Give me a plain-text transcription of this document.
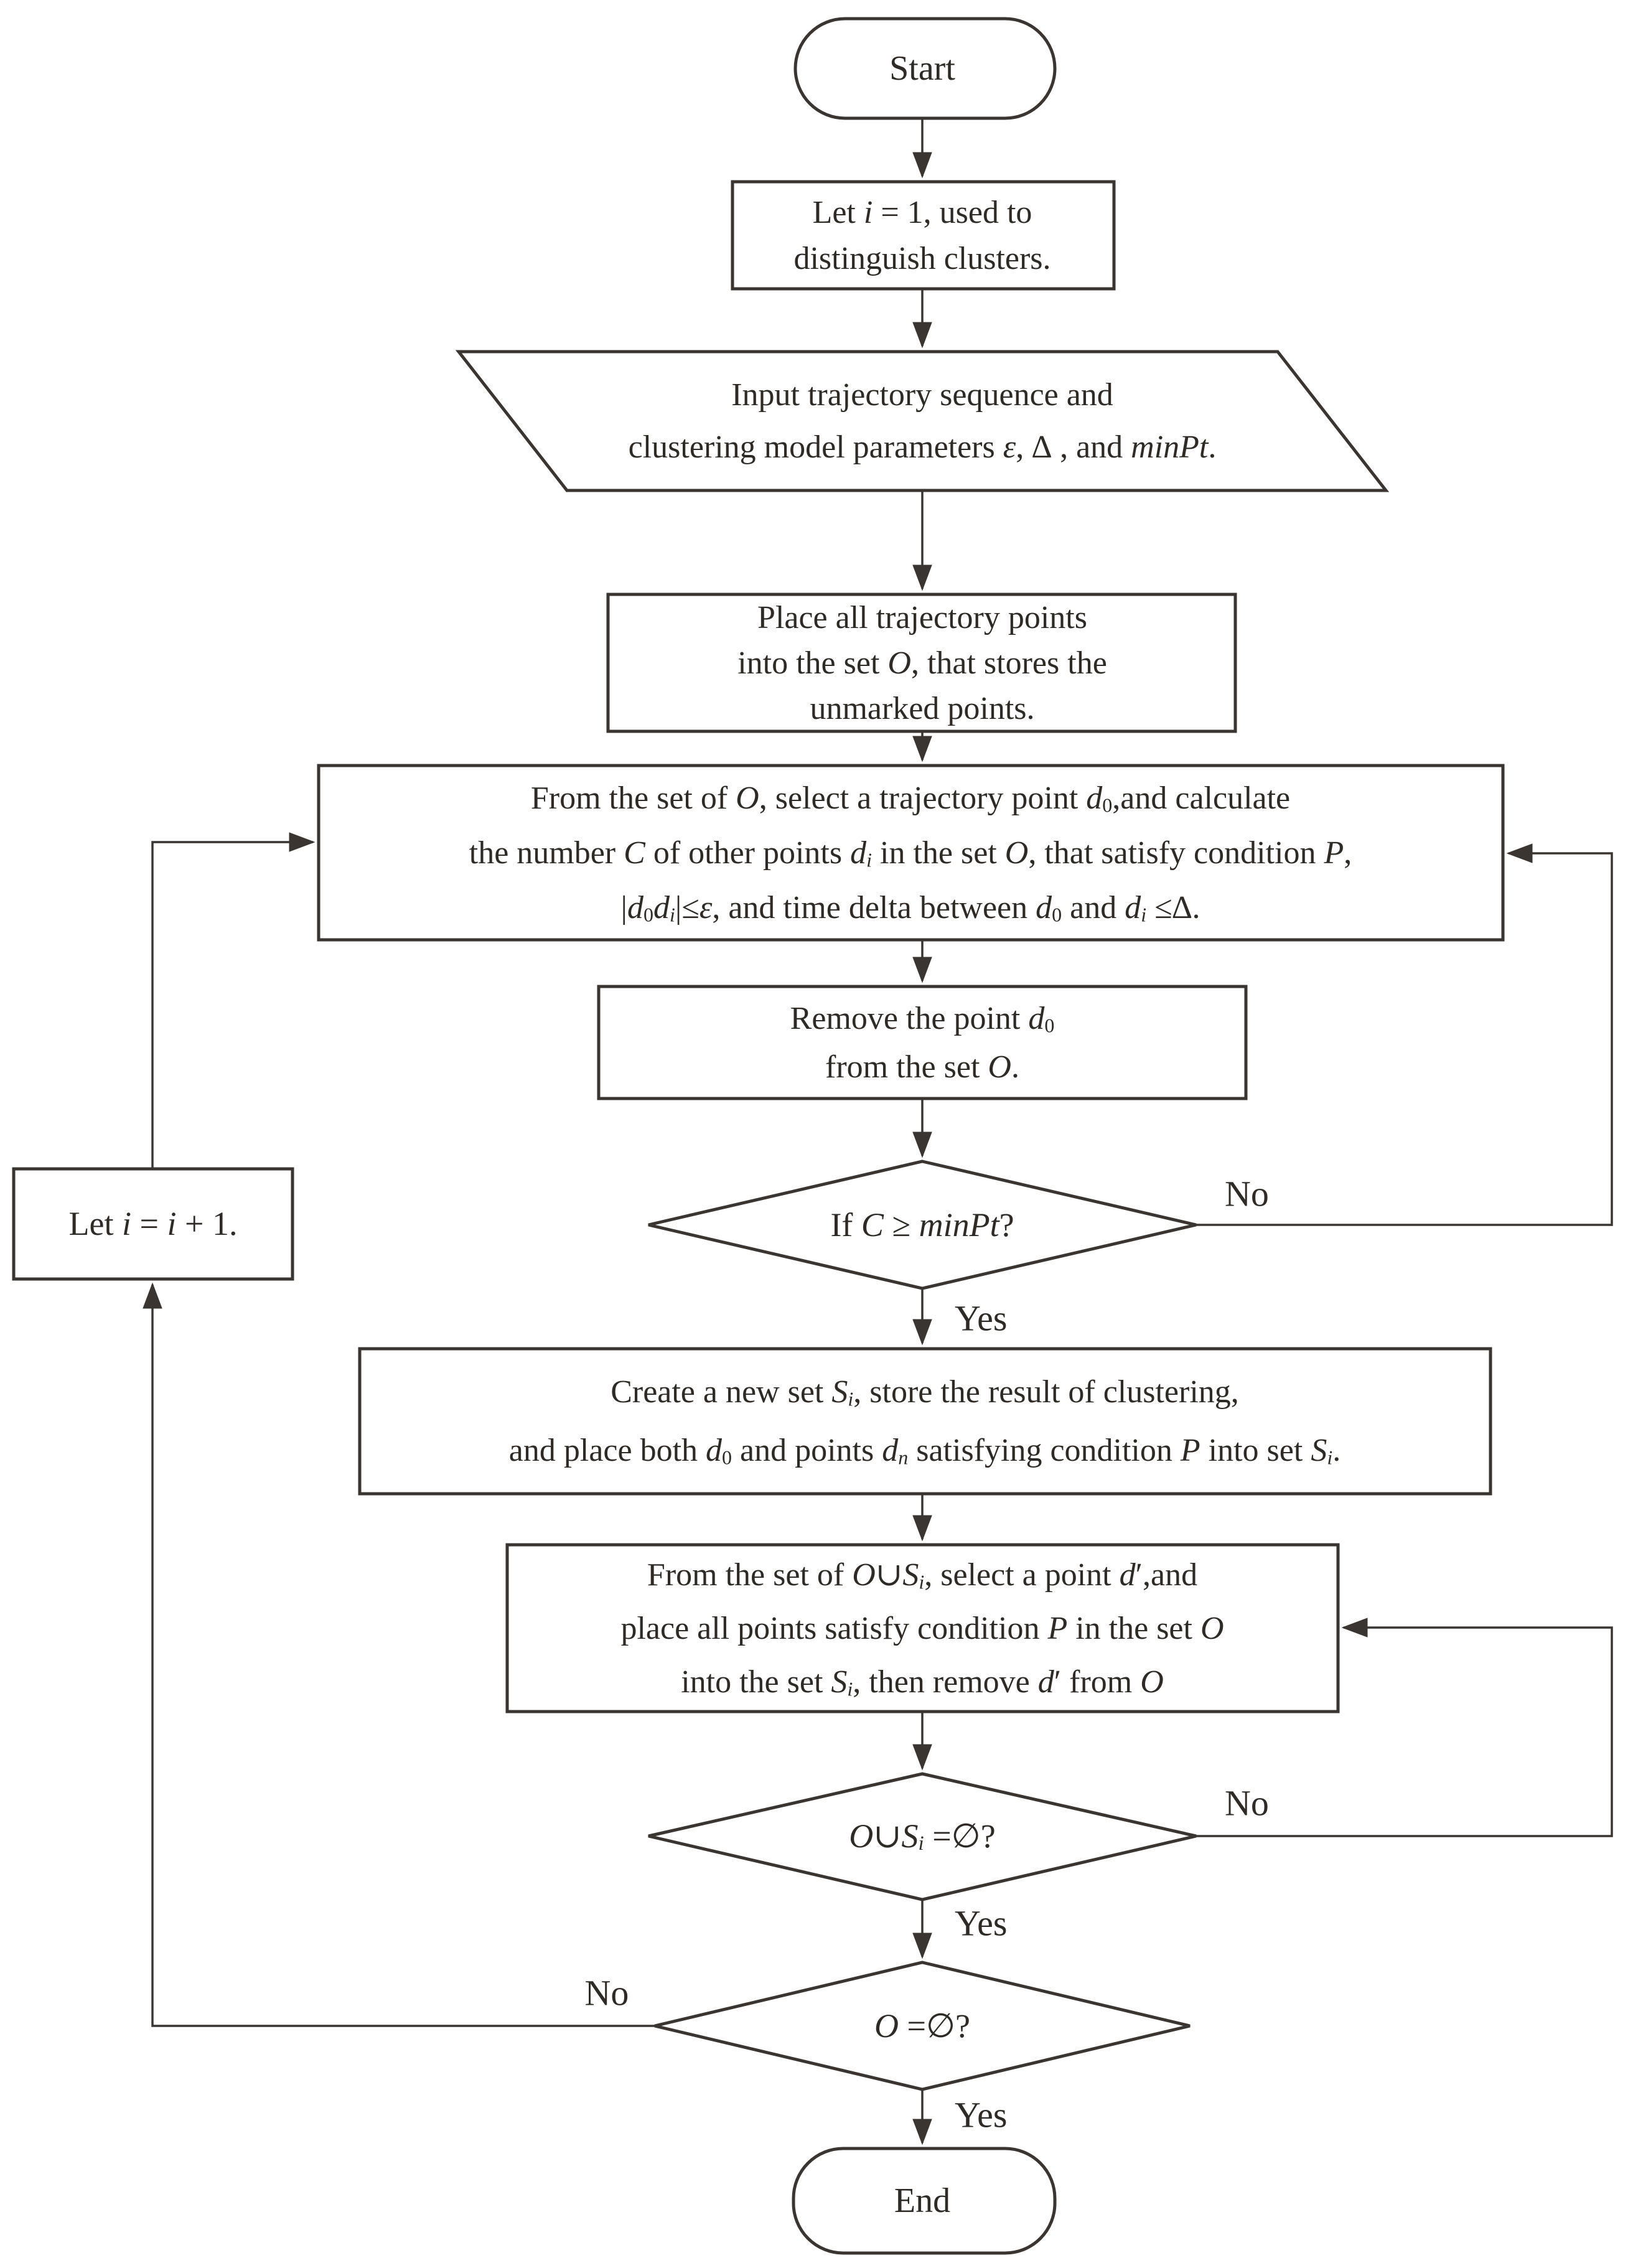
Start
Let i = 1, used to distinguish clusters.
Input trajectory sequence and clustering model parameters ε, ∆ , and minPt.
Place all trajectory points into the set O, that stores the unmarked points.
From the set of O, select a trajectory point $d_0,and$ calculate the number C of other points $d_i$ in the set O, that satisfy condition P, $|d_0d_i|\le\varepsilon$, and time delta between $d_0$ and $d_i$ ≤∆.
Remove the point $d_0$ from the set O.
If C ≥ minPt?
Let i = i + 1.
Create a new set $S_i$, store the result of clustering, and place both $d_0$ and points $d_n$ satisfying condition P into set $S_i$.
From the set of $O\cup S_i$, select a point d′,and place all points satisfy condition P in the set O into the set $S_i$, then remove d′ from O
$O\cup S_i$ =∅?
O =∅?
End
No
Yes
No
Yes
No
Yes
